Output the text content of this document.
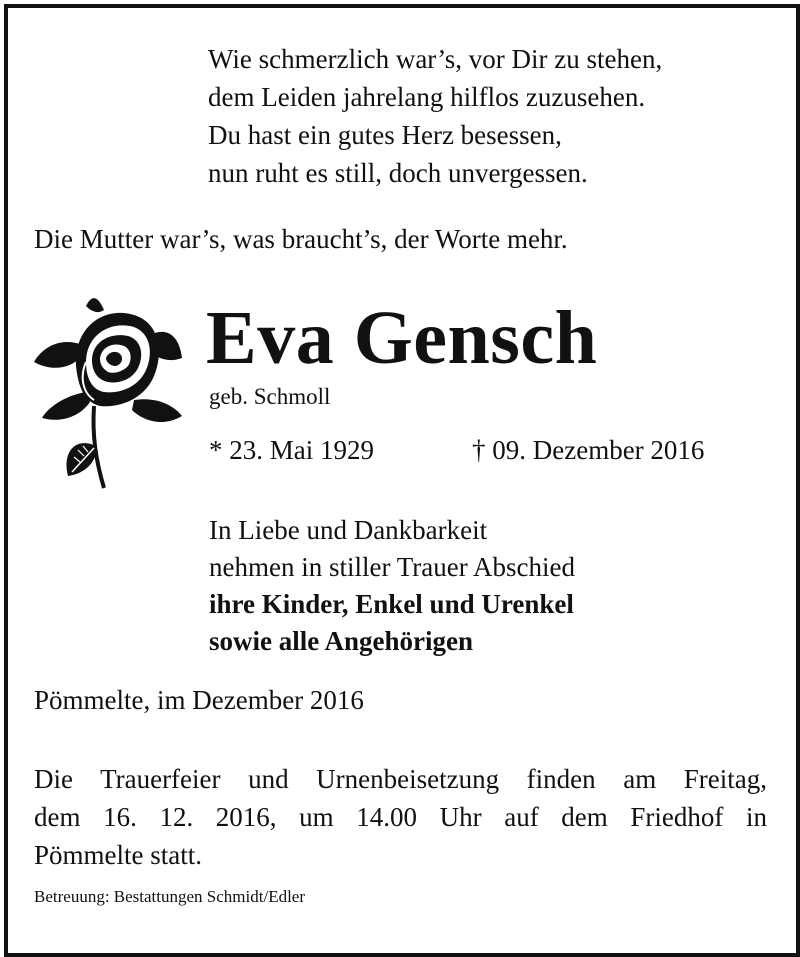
Wie schmerzlich war’s, vor Dir zu stehen,
dem Leiden jahrelang hilflos zuzusehen.
Du hast ein gutes Herz besessen,
nun ruht es still, doch unvergessen.
Die Mutter war’s, was braucht’s, der Worte mehr.
Eva Gensch
geb. Schmoll
* 23. Mai 1929	† 09. Dezember 2016
In Liebe und Dankbarkeit
nehmen in stiller Trauer Abschied
ihre Kinder, Enkel und Urenkel
sowie alle Angehörigen
Pömmelte, im Dezember 2016
Die Trauerfeier und Urnenbeisetzung finden am Freitag,
dem 16. 12. 2016, um 14.00 Uhr auf dem Friedhof in
Pömmelte statt.
Betreuung: Bestattungen Schmidt/Edler
